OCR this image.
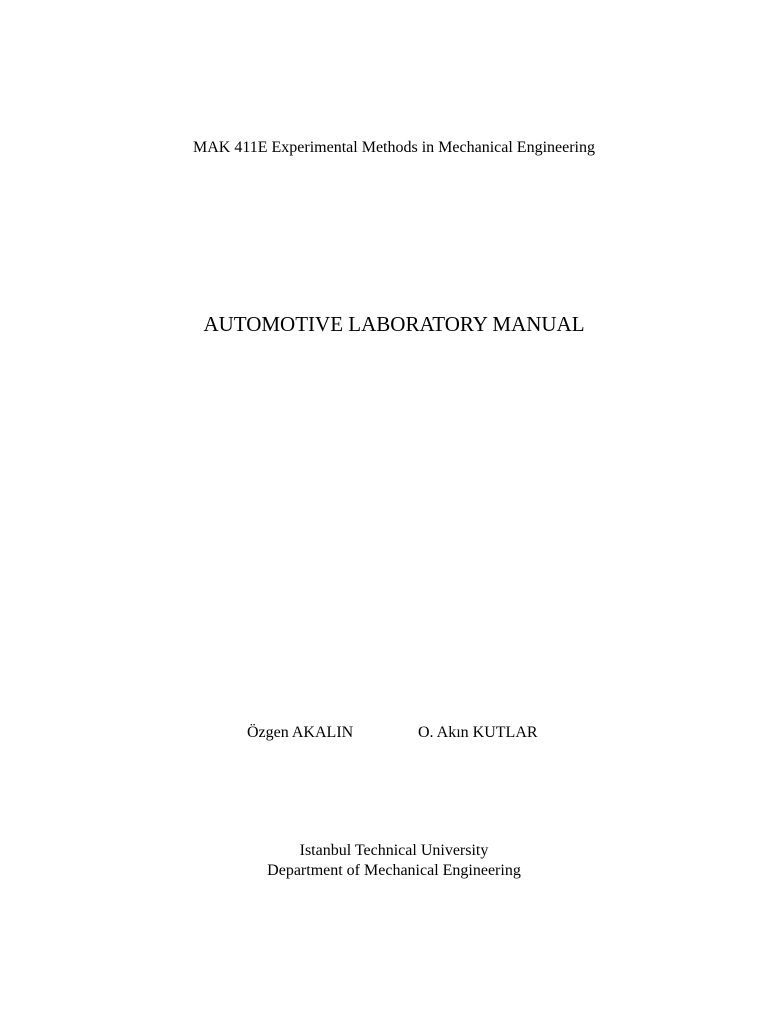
MAK 411E Experimental Methods in Mechanical Engineering
AUTOMOTIVE LABORATORY MANUAL
Özgen AKALIN	O. Akın KUTLAR
Istanbul Technical University
Department of Mechanical Engineering
